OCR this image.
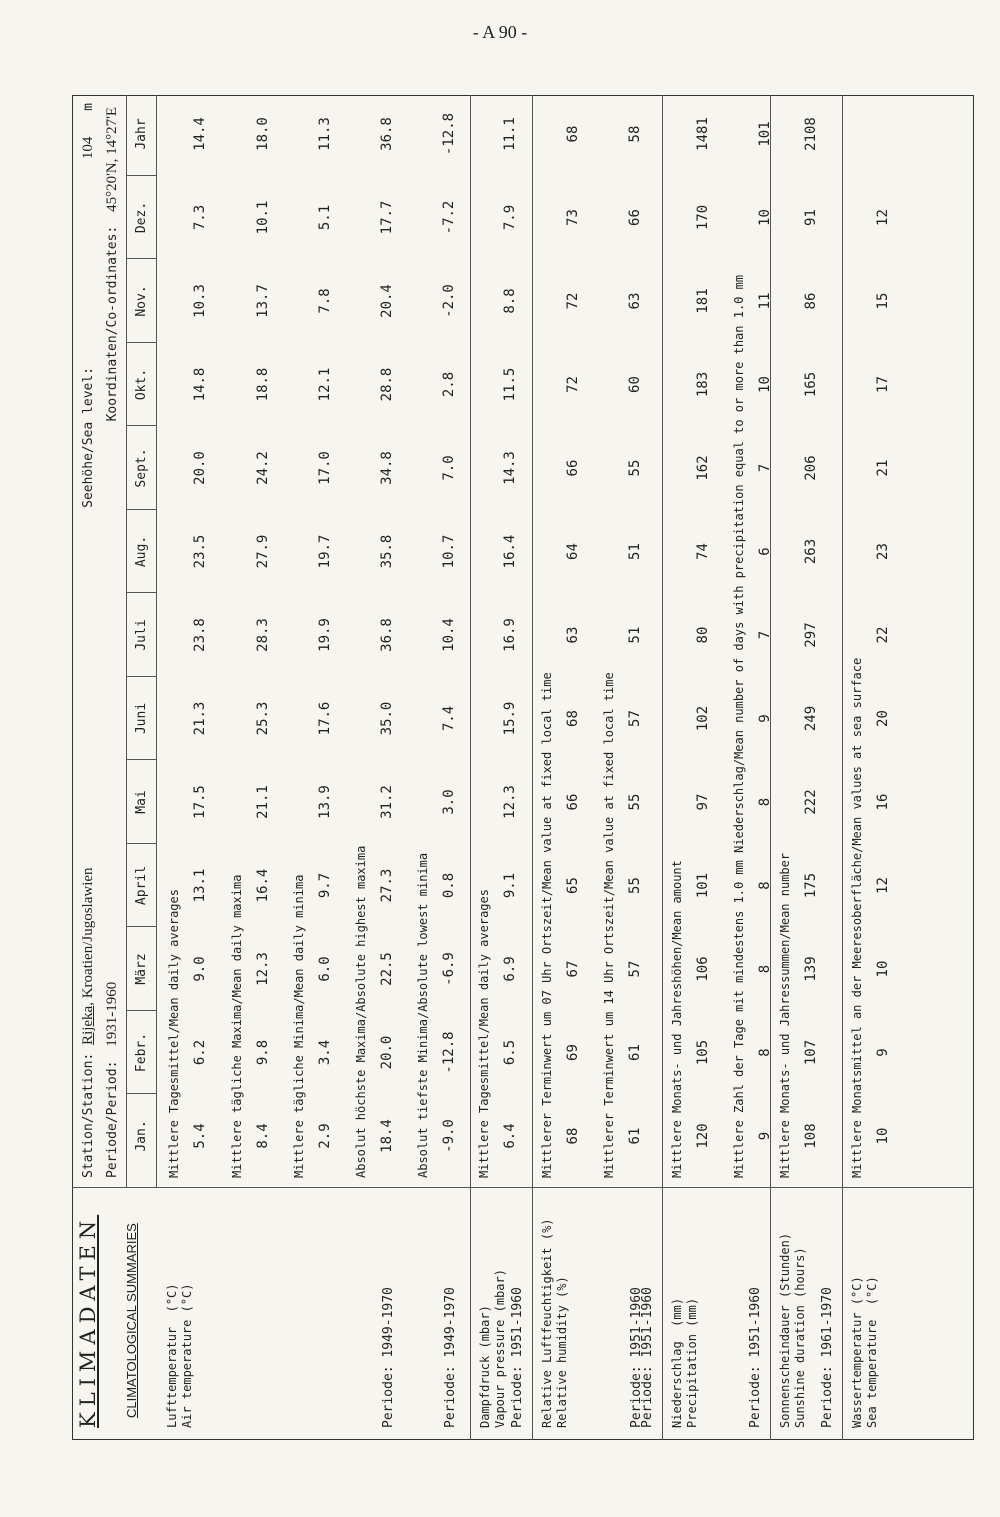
- A 90 -
KLIMADATEN CLIMATOLOGICAL SUMMARIES
Station/Station: Rijeka, Kroatien/Jugoslawien
Periode/Period: 1931-1960
Seehöhe/Sea level: 104 m
Koordinaten/Co-ordinates: 45°20'N, 14°27'E
Jan.
Febr.
März
April
Mai
Juni
Juli
Aug.
Sept.
Okt.
Nov.
Dez.
Jahr
Lufttemperatur  (°C)
Air temperature (°C)
Mittlere Tagesmittel/Mean daily averages 5.4
6.2
9.0
13.1
17.5
21.3
23.8
23.5
20.0
14.8
10.3
7.3
14.4
Mittlere tägliche Maxima/Mean daily maxima 8.4
9.8
12.3
16.4
21.1
25.3
28.3
27.9
24.2
18.8
13.7
10.1
18.0
Mittlere tägliche Minima/Mean daily minima 2.9
3.4
6.0
9.7
13.9
17.6
19.9
19.7
17.0
12.1
7.8
5.1
11.3
Absolut höchste Maxima/Absolute highest maxima
Periode: 1949-1970
18.4
20.0
22.5
27.3
31.2
35.0
36.8
35.8
34.8
28.8
20.4
17.7
36.8
Absolut tiefste Minima/Absolute lowest minima
Periode: 1949-1970
-9.0
-12.8
-6.9
0.8
3.0
7.4
10.4
10.7
7.0
2.8
-2.0
-7.2
-12.8
Dampfdruck (mbar)
Vapour pressure (mbar) Periode: 1951-1960
Mittlere Tagesmittel/Mean daily averages 6.4
6.5
6.9
9.1
12.3
15.9
16.9
16.4
14.3
11.5
8.8
7.9
11.1
Relative Luftfeuchtigkeit (%)
Relative humidity (%)	Periode: 1951-1960
Mittlerer Terminwert um 07 Uhr Ortszeit/Mean value at fixed local time 68
69
67
65
66
68
63
64
66
72
72
73
68
Mittlerer Terminwert um 14 Uhr Ortszeit/Mean value at fixed local time
Periode: 1951-1960
61
61
57
55
55
57
51
51
55
60
63
66
58
Niederschlag  (mm)
Precipitation (mm)	Periode: 1951-1960
Mittlere Monats- und Jahreshöhen/Mean amount 120
105
106
101
97
102
80
74
162
183
181
170
1481
Mittlere Zahl der Tage mit mindestens 1.0 mm Niederschlag/Mean number of days with precipitation equal to or more than 1.0 mm 9
8
8
8
8
9
7
6
7
10
11
10
101
Sonnenscheindauer (Stunden)
Sunshine duration (hours)
Periode: 1961-1970
Mittlere Monats- und Jahressummen/Mean number 108
107
139
175
222
249
297
263
206
165
86
91
2108
Wassertemperatur (°C)
Sea temperature  (°C)
Mittlere Monatsmittel an der Meeresoberfläche/Mean values at sea surface 10
9
10
12
16
20
22
23
21
17
15
12
